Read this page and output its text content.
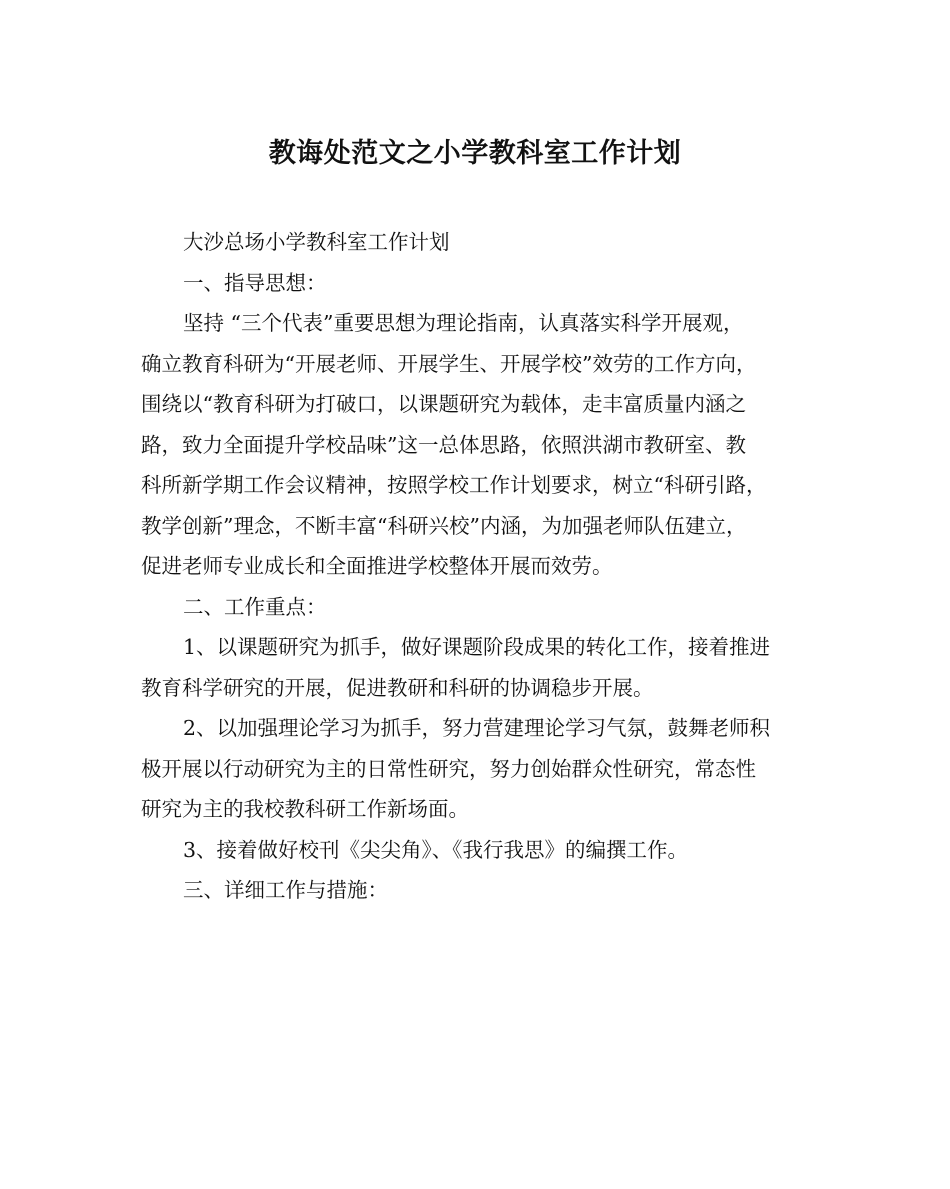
教诲处范文之小学教科室工作计划
大沙总场小学教科室工作计划
一、指导思想：
坚持 “三个代表”重要思想为理论指南，认真落实科学开展观，
确立教育科研为“开展老师、开展学生、开展学校”效劳的工作方向，
围绕以“教育科研为打破口，以课题研究为载体，走丰富质量内涵之
路，致力全面提升学校品味”这一总体思路，依照洪湖市教研室、教
科所新学期工作会议精神，按照学校工作计划要求，树立“科研引路，
教学创新”理念，不断丰富“科研兴校”内涵，为加强老师队伍建立，
促进老师专业成长和全面推进学校整体开展而效劳。
二、工作重点：
1、以课题研究为抓手，做好课题阶段成果的转化工作，接着推进
教育科学研究的开展，促进教研和科研的协调稳步开展。
2、以加强理论学习为抓手，努力营建理论学习气氛，鼓舞老师积
极开展以行动研究为主的日常性研究，努力创始群众性研究，常态性
研究为主的我校教科研工作新场面。
3、接着做好校刊《尖尖角》、《我行我思》的编撰工作。
三、详细工作与措施：
